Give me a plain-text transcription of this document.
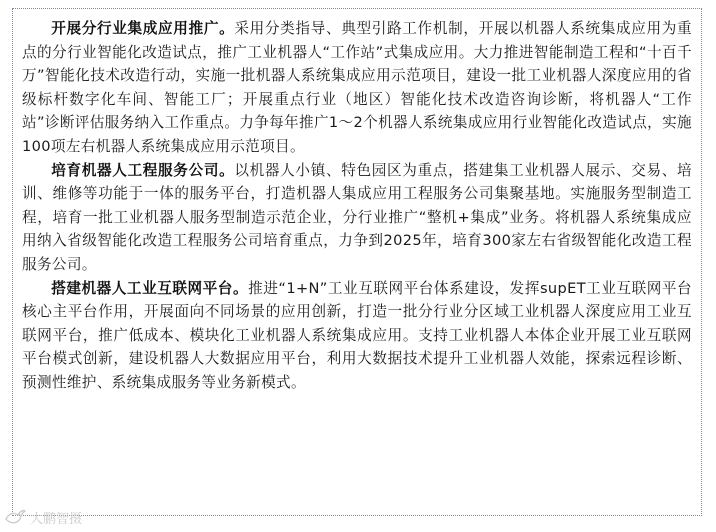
开展分行业集成应用推广。采用分类指导、典型引路工作机制，开展以机器人系统集成应用为重点的分行业智能化改造试点，推广工业机器人“工作站”式集成应用。大力推进智能制造工程和“十百千万”智能化技术改造行动，实施一批机器人系统集成应用示范项目，建设一批工业机器人深度应用的省级标杆数字化车间、智能工厂；开展重点行业（地区）智能化技术改造咨询诊断，将机器人“工作站”诊断评估服务纳入工作重点。力争每年推广1～2个机器人系统集成应用行业智能化改造试点，实施100项左右机器人系统集成应用示范项目。

培育机器人工程服务公司。以机器人小镇、特色园区为重点，搭建集工业机器人展示、交易、培训、维修等功能于一体的服务平台，打造机器人集成应用工程服务公司集聚基地。实施服务型制造工程，培育一批工业机器人服务型制造示范企业，分行业推广“整机+集成”业务。将机器人系统集成应用纳入省级智能化改造工程服务公司培育重点，力争到2025年，培育300家左右省级智能化改造工程服务公司。

搭建机器人工业互联网平台。推进“1+N”工业互联网平台体系建设，发挥supET工业互联网平台核心主平台作用，开展面向不同场景的应用创新，打造一批分行业分区域工业机器人深度应用工业互联网平台，推广低成本、模块化工业机器人系统集成应用。支持工业机器人本体企业开展工业互联网平台模式创新，建设机器人大数据应用平台，利用大数据技术提升工业机器人效能，探索远程诊断、预测性维护、系统集成服务等业务新模式。

大鹏智摄
